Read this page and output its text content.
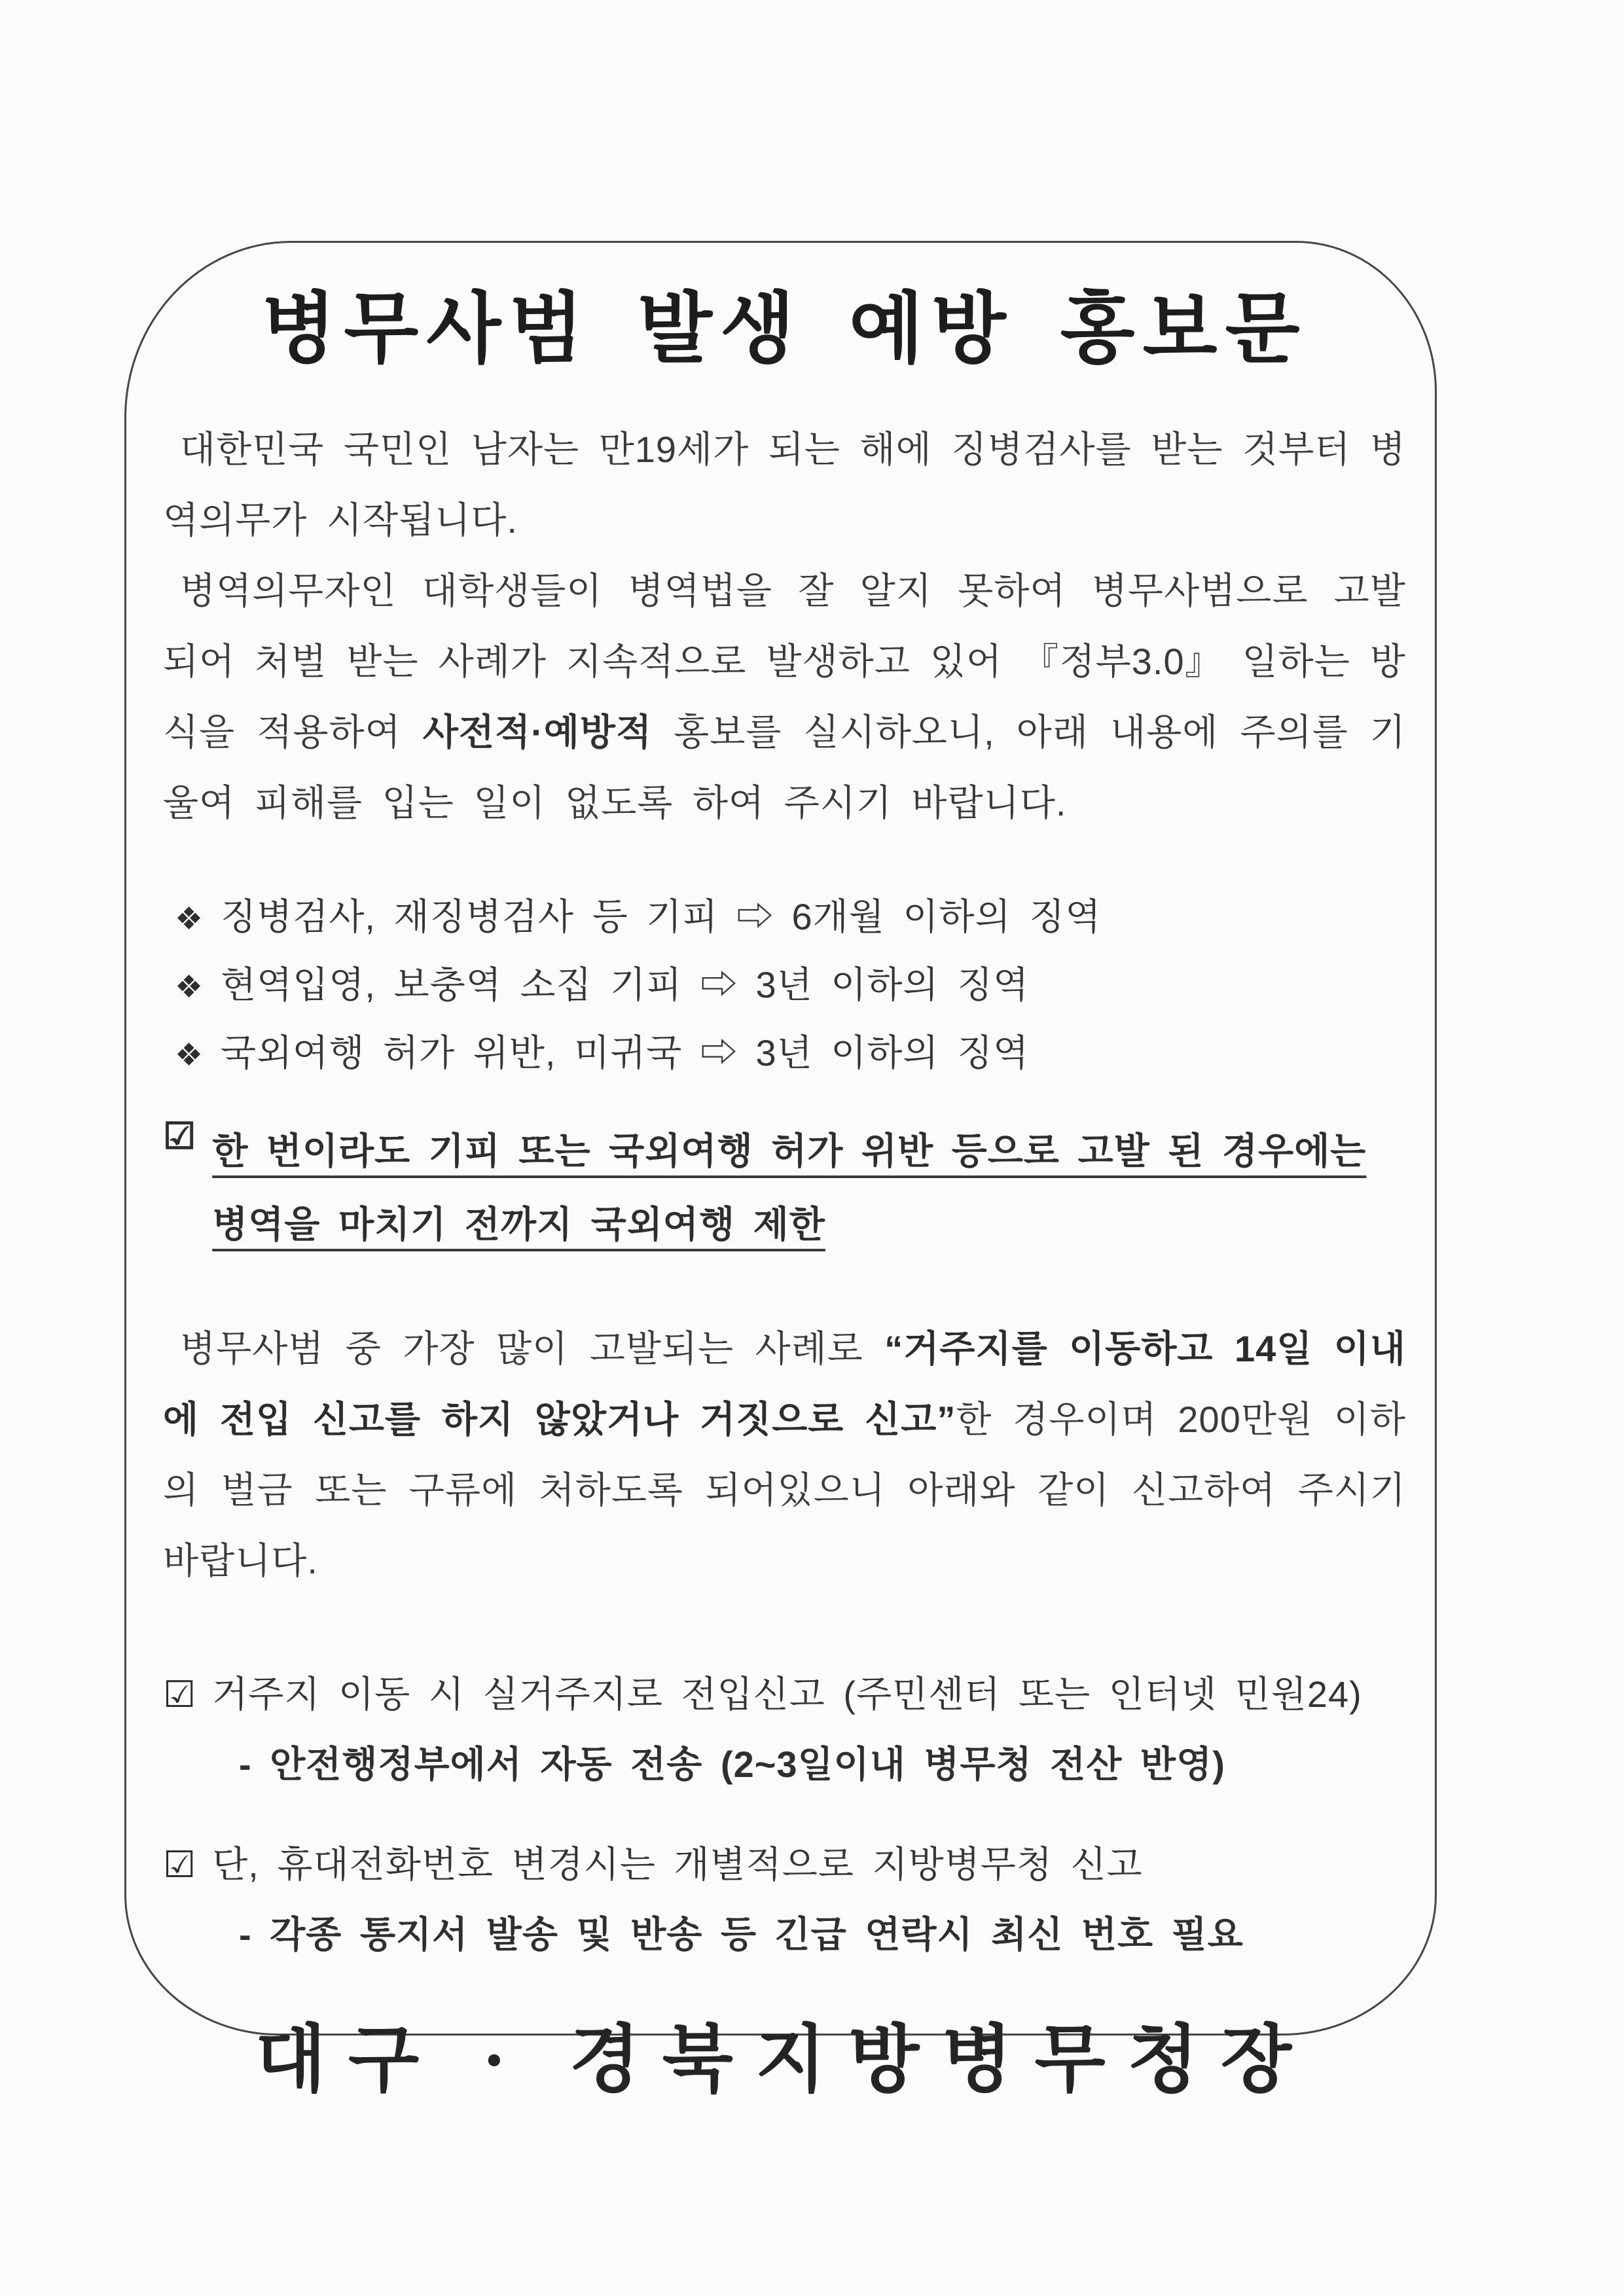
병무사범 발생 예방 홍보문

대한민국 국민인 남자는 만19세가 되는 해에 징병검사를 받는 것부터 병역의무가 시작됩니다.

병역의무자인 대학생들이 병역법을 잘 알지 못하여 병무사범으로 고발 되어 처벌 받는 사례가 지속적으로 발생하고 있어 『정부3.0』 일하는 방식을 적용하여 사전적·예방적 홍보를 실시하오니, 아래 내용에 주의를 기울여 피해를 입는 일이 없도록 하여 주시기 바랍니다.

❖ 징병검사, 재징병검사 등 기피 ⇨ 6개월 이하의 징역
❖ 현역입영, 보충역 소집 기피 ⇨ 3년 이하의 징역
❖ 국외여행 허가 위반, 미귀국 ⇨ 3년 이하의 징역
☑ 한 번이라도 기피 또는 국외여행 허가 위반 등으로 고발 된 경우에는
병역을 마치기 전까지 국외여행 제한

병무사범 중 가장 많이 고발되는 사례로 “거주지를 이동하고 14일 이내에 전입 신고를 하지 않았거나 거짓으로 신고”한 경우이며 200만원 이하의 벌금 또는 구류에 처하도록 되어있으니 아래와 같이 신고하여 주시기 바랍니다.

☑ 거주지 이동 시 실거주지로 전입신고 (주민센터 또는 인터넷 민원24)
- 안전행정부에서 자동 전송 (2~3일이내 병무청 전산 반영)
☑ 단, 휴대전화번호 변경시는 개별적으로 지방병무청 신고
- 각종 통지서 발송 및 반송 등 긴급 연락시 최신 번호 필요
대구 · 경북지방병무청장
